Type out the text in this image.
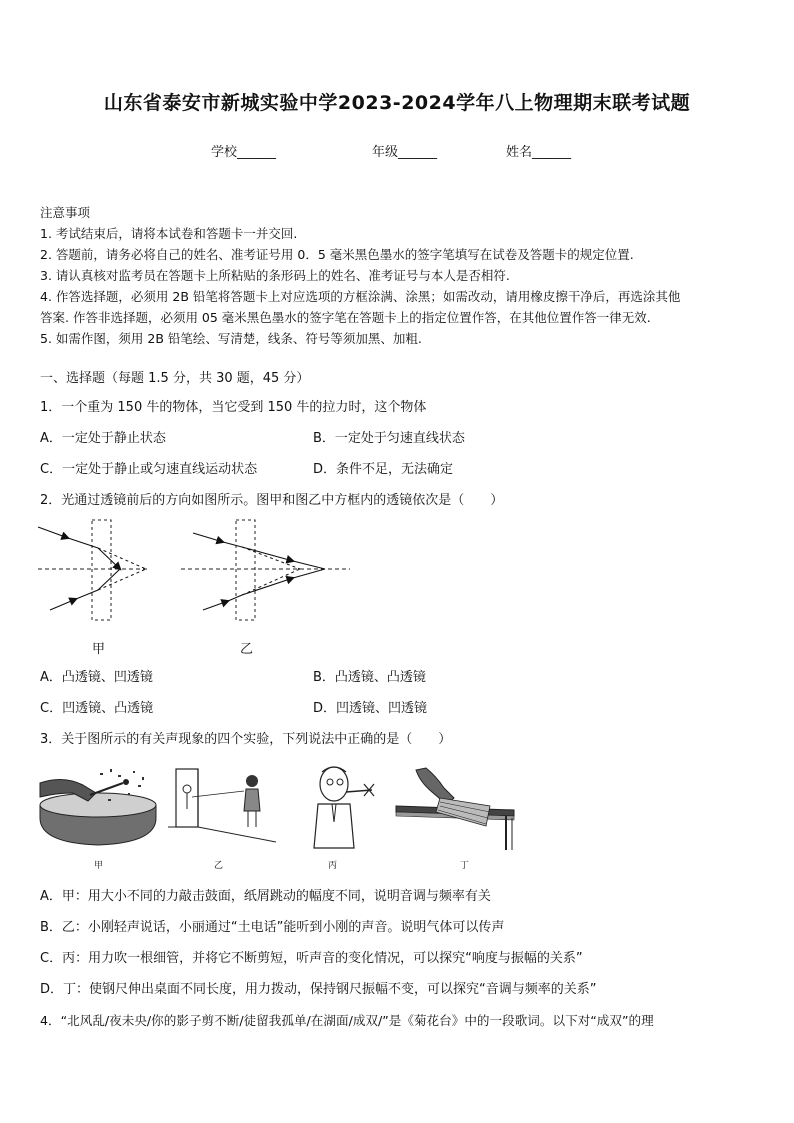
山东省泰安市新城实验中学2023-2024学年八上物理期末联考试题
学校______	年级______	姓名______
注意事项
1. 考试结束后，请将本试卷和答题卡一并交回.
2. 答题前，请务必将自己的姓名、准考证号用 0．5 毫米黑色墨水的签字笔填写在试卷及答题卡的规定位置.
3. 请认真核对监考员在答题卡上所粘贴的条形码上的姓名、准考证号与本人是否相符.
4. 作答选择题，必须用 2B 铅笔将答题卡上对应选项的方框涂满、涂黑；如需改动，请用橡皮擦干净后，再选涂其他
答案. 作答非选择题，必须用 05 毫米黑色墨水的签字笔在答题卡上的指定位置作答，在其他位置作答一律无效.
5. 如需作图，须用 2B 铅笔绘、写清楚，线条、符号等须加黑、加粗.
一、选择题（每题 1.5 分，共 30 题，45 分）
1．一个重为 150 牛的物体，当它受到 150 牛的拉力时，这个物体
A．一定处于静止状态	B．一定处于匀速直线状态
C．一定处于静止或匀速直线运动状态	D．条件不足，无法确定
2．光通过透镜前后的方向如图所示。图甲和图乙中方框内的透镜依次是（　　）
甲	乙
A．凸透镜、凹透镜	B．凸透镜、凸透镜
C．凹透镜、凸透镜	D．凹透镜、凹透镜
3．关于图所示的有关声现象的四个实验，下列说法中正确的是（　　）
甲	乙	丙	丁
A．甲：用大小不同的力敲击鼓面，纸屑跳动的幅度不同，说明音调与频率有关
B．乙：小刚轻声说话，小丽通过“土电话”能听到小刚的声音。说明气体可以传声
C．丙：用力吹一根细管，并将它不断剪短，听声音的变化情况，可以探究“响度与振幅的关系”
D．丁：使钢尺伸出桌面不同长度，用力拨动，保持钢尺振幅不变，可以探究“音调与频率的关系”
4．“北风乱/夜未央/你的影子剪不断/徒留我孤单/在湖面/成双/”是《菊花台》中的一段歌词。以下对“成双”的理
